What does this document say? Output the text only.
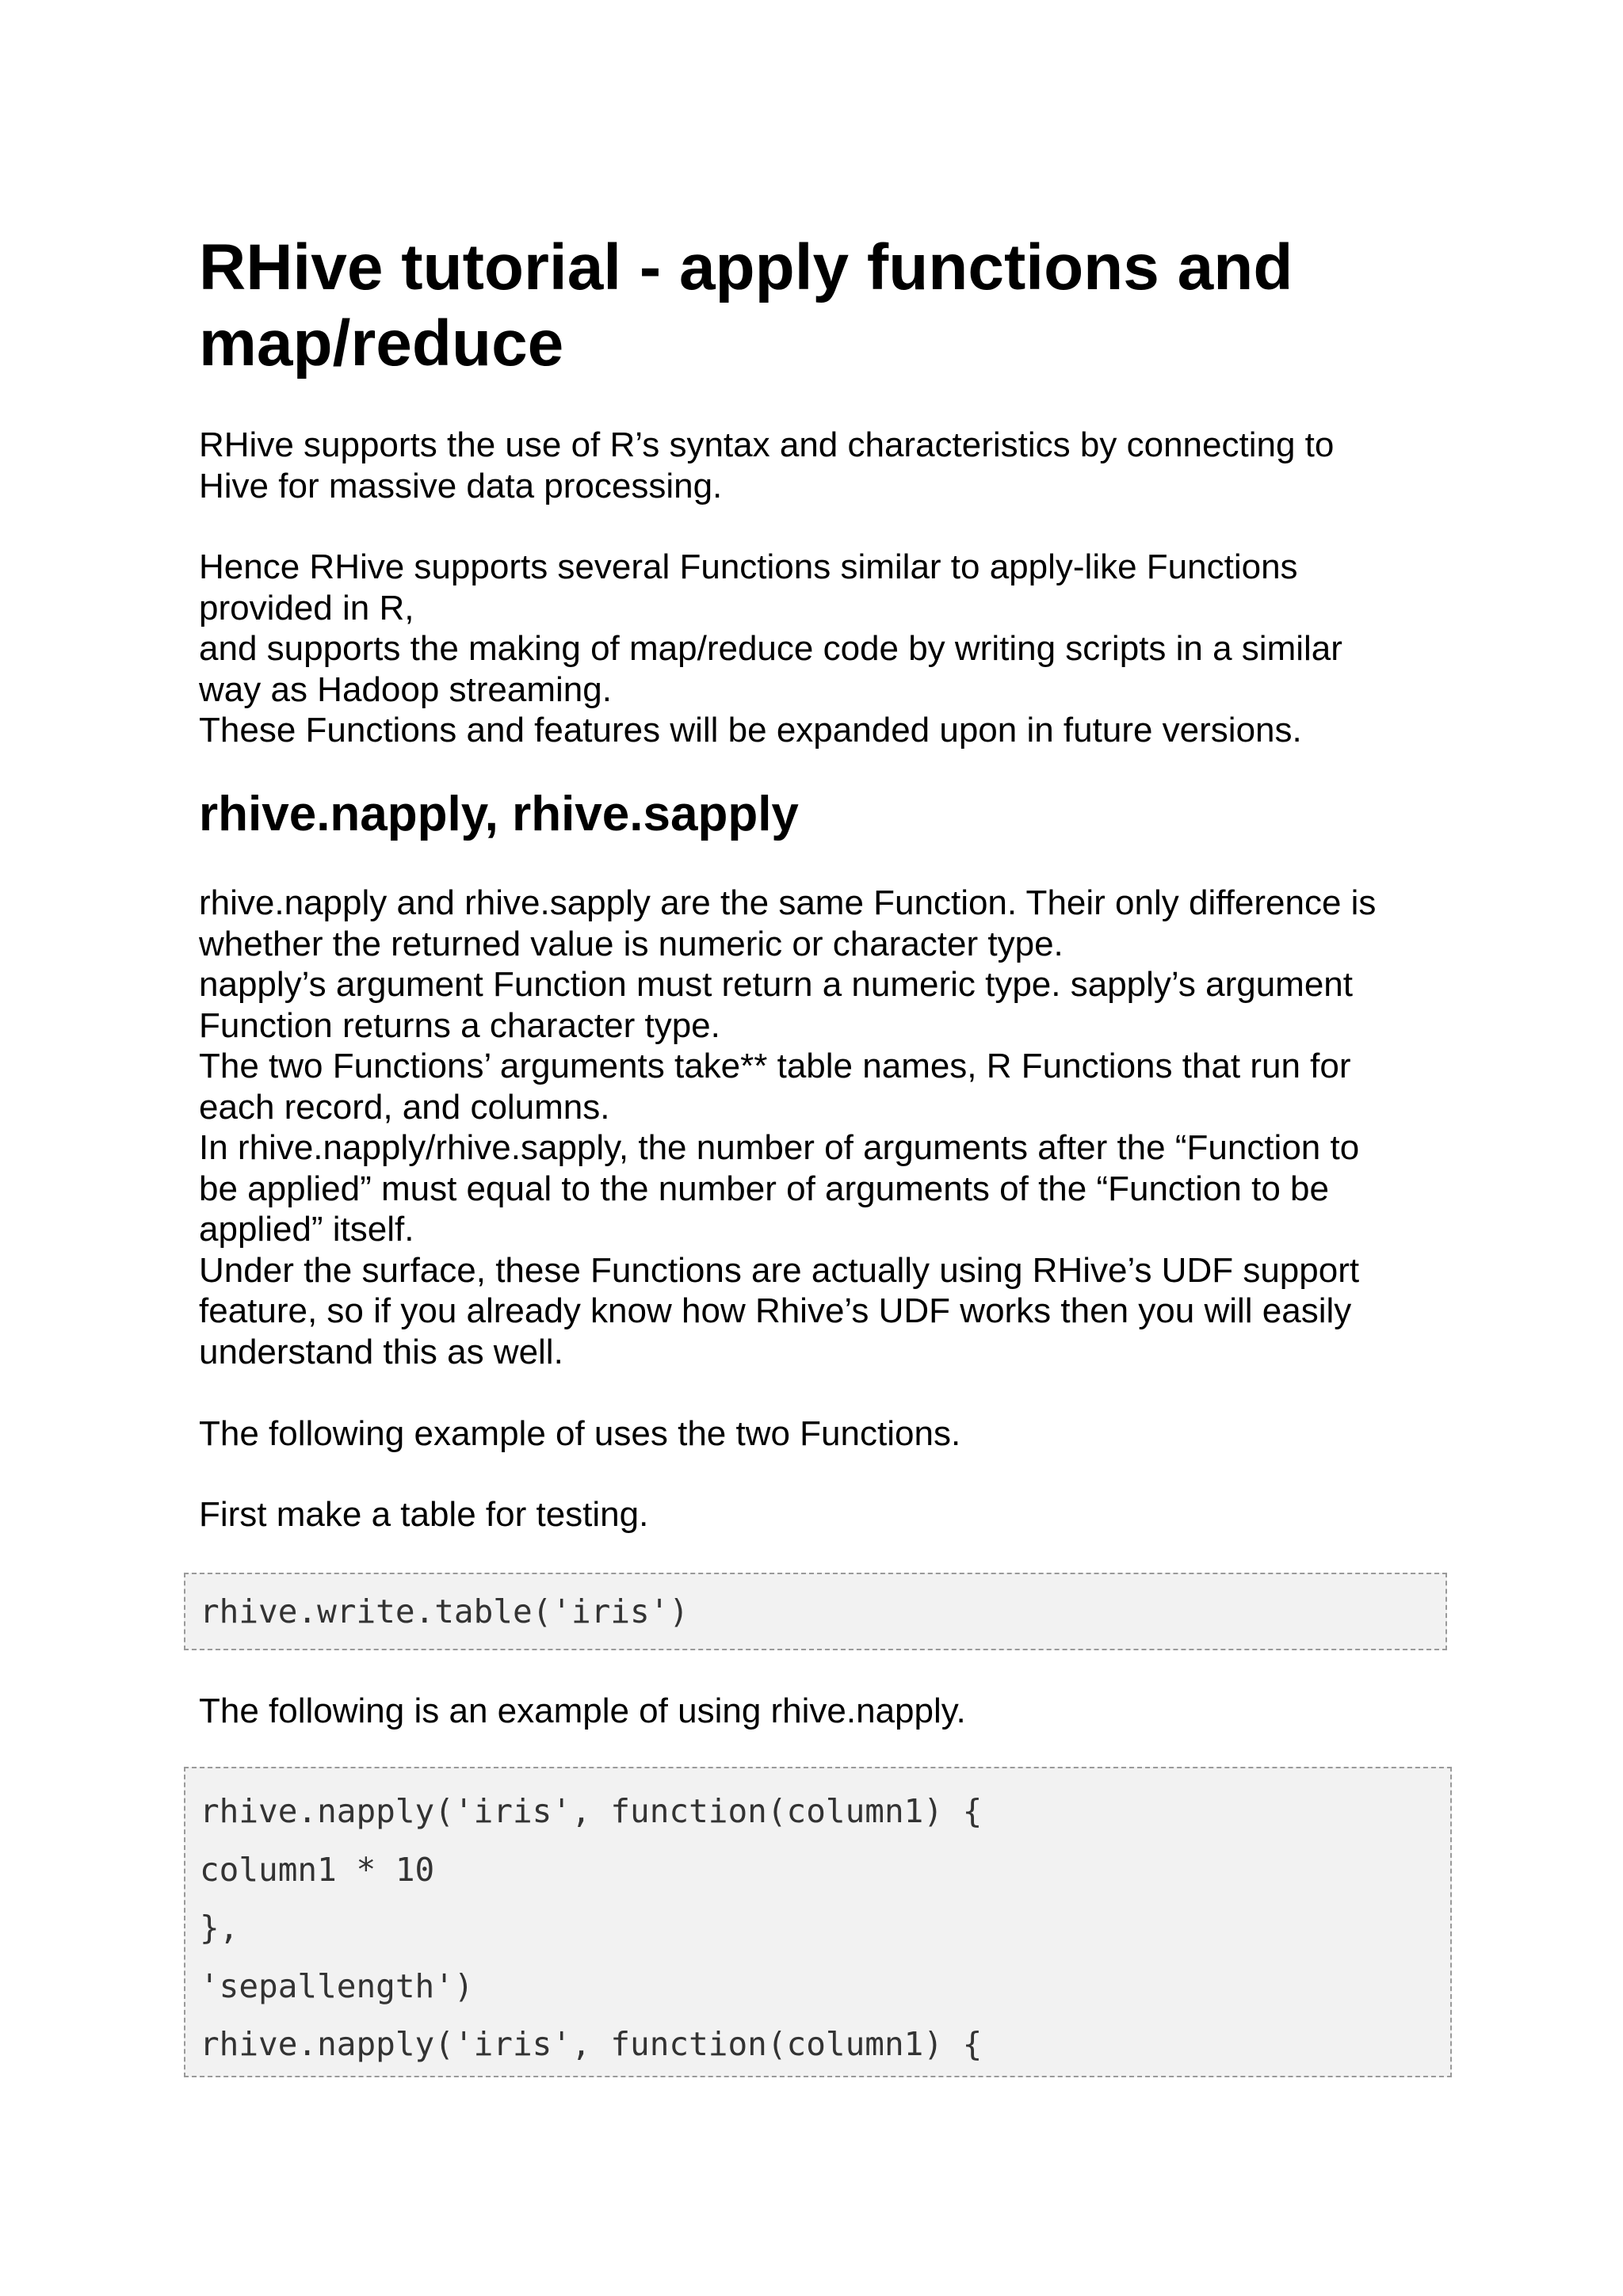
RHive tutorial - apply functions and
map/reduce

RHive supports the use of R’s syntax and characteristics by connecting to
Hive for massive data processing.

Hence RHive supports several Functions similar to apply-like Functions
provided in R,
and supports the making of map/reduce code by writing scripts in a similar
way as Hadoop streaming.
These Functions and features will be expanded upon in future versions.

rhive.napply, rhive.sapply

rhive.napply and rhive.sapply are the same Function. Their only difference is
whether the returned value is numeric or character type.
napply’s argument Function must return a numeric type. sapply’s argument
Function returns a character type.
The two Functions’ arguments take** table names, R Functions that run for
each record, and columns.
In rhive.napply/rhive.sapply, the number of arguments after the “Function to
be applied” must equal to the number of arguments of the “Function to be
applied” itself.
Under the surface, these Functions are actually using RHive’s UDF support
feature, so if you already know how Rhive’s UDF works then you will easily
understand this as well.

The following example of uses the two Functions.

First make a table for testing.

rhive.write.table('iris')

The following is an example of using rhive.napply.

rhive.napply('iris', function(column1) {
column1 * 10
},
'sepallength')
rhive.napply('iris', function(column1) {
